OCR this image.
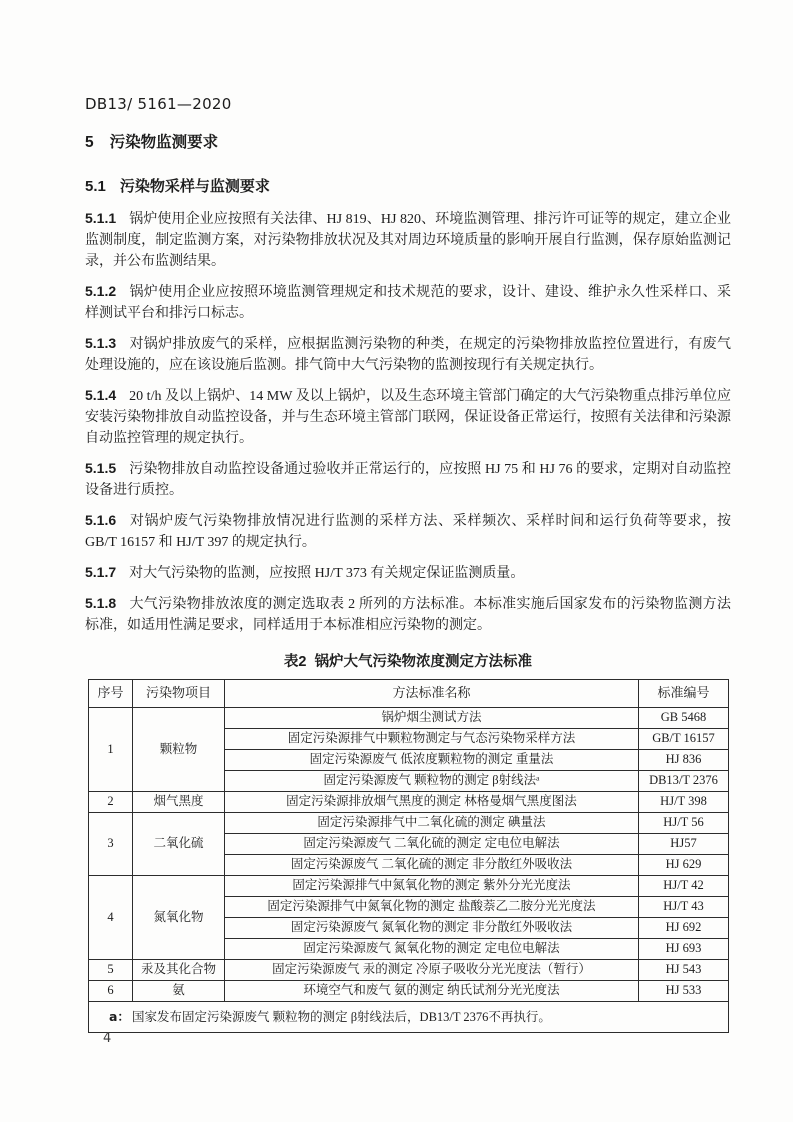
DB13/ 5161—2020
5 污染物监测要求
5.1 污染物采样与监测要求

5.1.1 锅炉使用企业应按照有关法律、HJ 819、HJ 820、环境监测管理、排污许可证等的规定，建立企业监测制度，制定监测方案，对污染物排放状况及其对周边环境质量的影响开展自行监测，保存原始监测记录，并公布监测结果。

5.1.2 锅炉使用企业应按照环境监测管理规定和技术规范的要求，设计、建设、维护永久性采样口、采样测试平台和排污口标志。

5.1.3 对锅炉排放废气的采样，应根据监测污染物的种类，在规定的污染物排放监控位置进行，有废气处理设施的，应在该设施后监测。排气筒中大气污染物的监测按现行有关规定执行。

5.1.4 20 t/h 及以上锅炉、14 MW 及以上锅炉，以及生态环境主管部门确定的大气污染物重点排污单位应安装污染物排放自动监控设备，并与生态环境主管部门联网，保证设备正常运行，按照有关法律和污染源自动监控管理的规定执行。

5.1.5 污染物排放自动监控设备通过验收并正常运行的，应按照 HJ 75 和 HJ 76 的要求，定期对自动监控设备进行质控。

5.1.6 对锅炉废气污染物排放情况进行监测的采样方法、采样频次、采样时间和运行负荷等要求，按 GB/T 16157 和 HJ/T 397 的规定执行。

5.1.7 对大气污染物的监测，应按照 HJ/T 373 有关规定保证监测质量。

5.1.8 大气污染物排放浓度的测定选取表 2 所列的方法标准。本标准实施后国家发布的污染物监测方法标准，如适用性满足要求，同样适用于本标准相应污染物的测定。

表2 锅炉大气污染物浓度测定方法标准
序号	污染物项目	方法标准名称	标准编号
1	颗粒物	锅炉烟尘测试方法	GB 5468
		固定污染源排气中颗粒物测定与气态污染物采样方法	GB/T 16157
		固定污染源废气 低浓度颗粒物的测定 重量法	HJ 836
		固定污染源废气 颗粒物的测定 β射线法ᵃ	DB13/T 2376
2	烟气黑度	固定污染源排放烟气黑度的测定 林格曼烟气黑度图法	HJ/T 398
3	二氧化硫	固定污染源排气中二氧化硫的测定 碘量法	HJ/T 56
		固定污染源废气 二氧化硫的测定 定电位电解法	HJ57
		固定污染源废气 二氧化硫的测定 非分散红外吸收法	HJ 629
4	氮氧化物	固定污染源排气中氮氧化物的测定 紫外分光光度法	HJ/T 42
		固定污染源排气中氮氧化物的测定 盐酸萘乙二胺分光光度法	HJ/T 43
		固定污染源废气 氮氧化物的测定 非分散红外吸收法	HJ 692
		固定污染源废气 氮氧化物的测定 定电位电解法	HJ 693
5	汞及其化合物	固定污染源废气 汞的测定 冷原子吸收分光光度法（暂行）	HJ 543
6	氨	环境空气和废气 氨的测定 纳氏试剂分光光度法	HJ 533
a： 国家发布固定污染源废气 颗粒物的测定 β射线法后，DB13/T 2376不再执行。			
4
